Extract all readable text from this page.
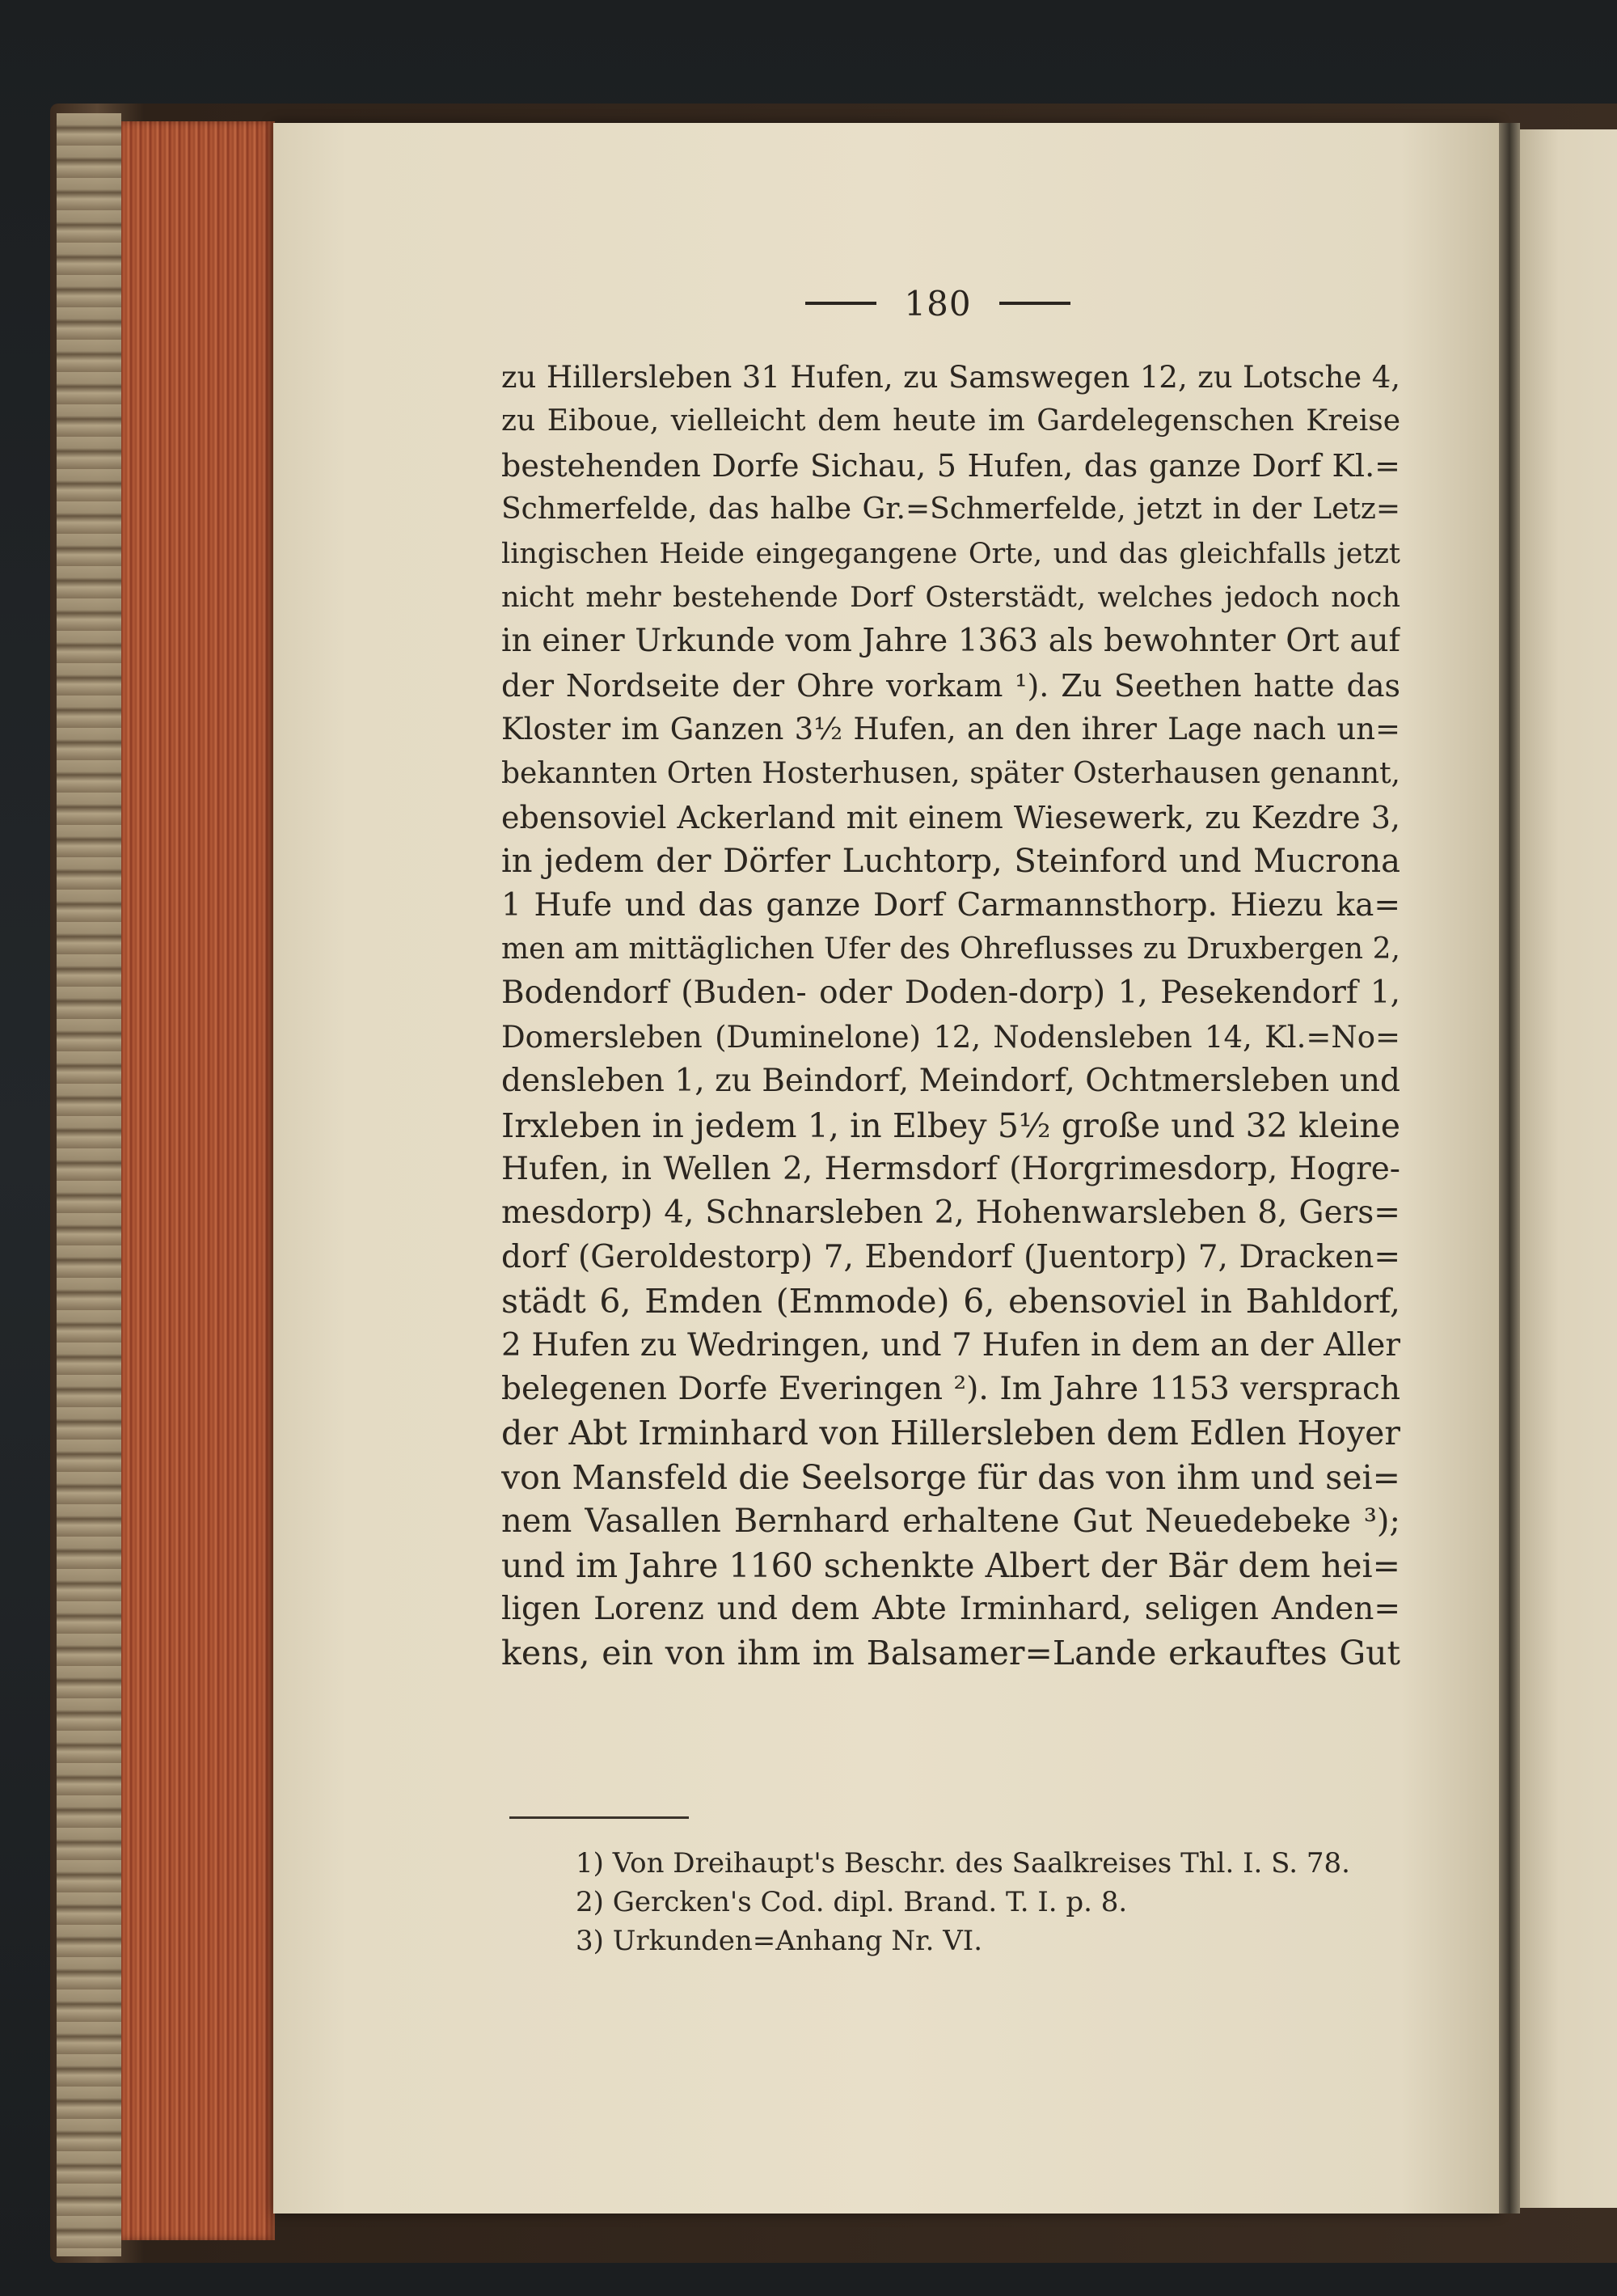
180
zu Hillersleben 31 Hufen, zu Samswegen 12, zu Lotsche 4,
zu Eiboue, vielleicht dem heute im Gardelegenschen Kreise
bestehenden Dorfe Sichau, 5 Hufen, das ganze Dorf Kl.=
Schmerfelde, das halbe Gr.=Schmerfelde, jetzt in der Letz=
lingischen Heide eingegangene Orte, und das gleichfalls jetzt
nicht mehr bestehende Dorf Osterstädt, welches jedoch noch
in einer Urkunde vom Jahre 1363 als bewohnter Ort auf
der Nordseite der Ohre vorkam ¹). Zu Seethen hatte das
Kloster im Ganzen 3½ Hufen, an den ihrer Lage nach un=
bekannten Orten Hosterhusen, später Osterhausen genannt,
ebensoviel Ackerland mit einem Wiesewerk, zu Kezdre 3,
in jedem der Dörfer Luchtorp, Steinford und Mucrona
1 Hufe und das ganze Dorf Carmannsthorp. Hiezu ka=
men am mittäglichen Ufer des Ohreflusses zu Druxbergen 2,
Bodendorf (Buden- oder Doden-dorp) 1, Pesekendorf 1,
Domersleben (Duminelone) 12, Nodensleben 14, Kl.=No=
densleben 1, zu Beindorf, Meindorf, Ochtmersleben und
Irxleben in jedem 1, in Elbey 5½ große und 32 kleine
Hufen, in Wellen 2, Hermsdorf (Horgrimesdorp, Hogre-
mesdorp) 4, Schnarsleben 2, Hohenwarsleben 8, Gers=
dorf (Geroldestorp) 7, Ebendorf (Juentorp) 7, Dracken=
städt 6, Emden (Emmode) 6, ebensoviel in Bahldorf,
2 Hufen zu Wedringen, und 7 Hufen in dem an der Aller
belegenen Dorfe Everingen ²). Im Jahre 1153 versprach
der Abt Irminhard von Hillersleben dem Edlen Hoyer
von Mansfeld die Seelsorge für das von ihm und sei=
nem Vasallen Bernhard erhaltene Gut Neuedebeke ³);
und im Jahre 1160 schenkte Albert der Bär dem hei=
ligen Lorenz und dem Abte Irminhard, seligen Anden=
kens, ein von ihm im Balsamer=Lande erkauftes Gut
1) Von Dreihaupt's Beschr. des Saalkreises Thl. I. S. 78.
2) Gercken's Cod. dipl. Brand. T. I. p. 8.
3) Urkunden=Anhang Nr. VI.
